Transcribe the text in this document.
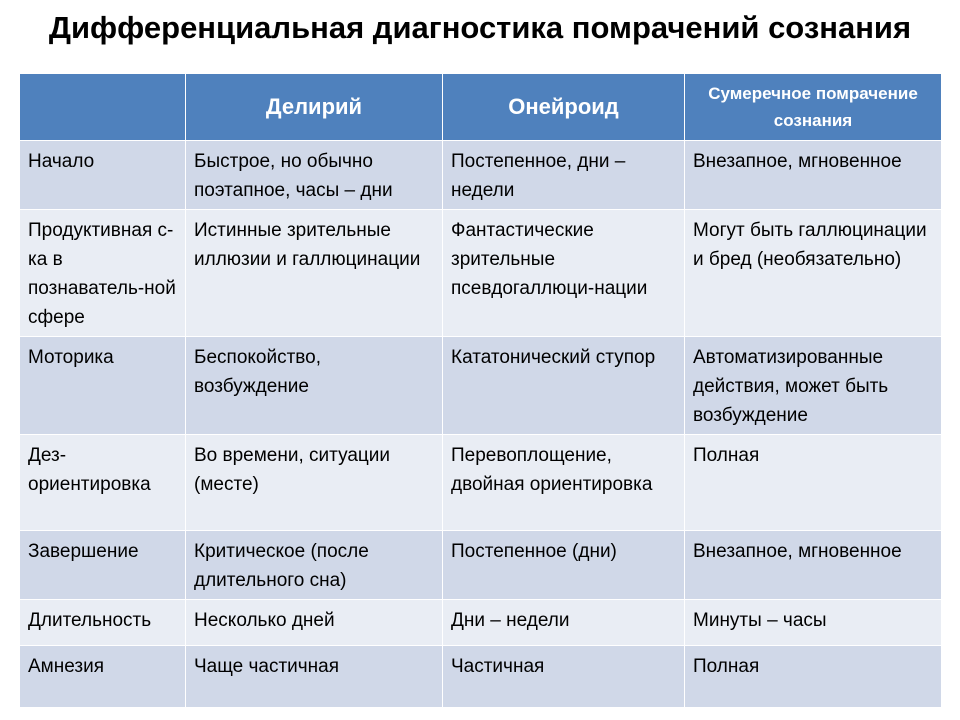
Дифференциальная диагностика помрачений сознания
	Делирий	Онейроид	Сумеречное помрачение сознания
Начало	Быстрое, но обычно поэтапное, часы – дни	Постепенное, дни – недели	Внезапное, мгновенное
Продуктивная с-ка в познаватель-ной сфере	Истинные зрительные иллюзии и галлюцинации	Фантастические зрительные псевдогаллюци-нации	Могут быть галлюцинации и бред (необязательно)
Моторика	Беспокойство, возбуждение	Кататонический ступор	Автоматизированные действия, может быть возбуждение
Дез-ориентировка	Во времени, ситуации (месте)	Перевоплощение, двойная ориентировка	Полная
Завершение	Критическое (после длительного сна)	Постепенное (дни)	Внезапное, мгновенное
Длительность	Несколько дней	Дни – недели	Минуты – часы
Амнезия	Чаще частичная	Частичная	Полная
